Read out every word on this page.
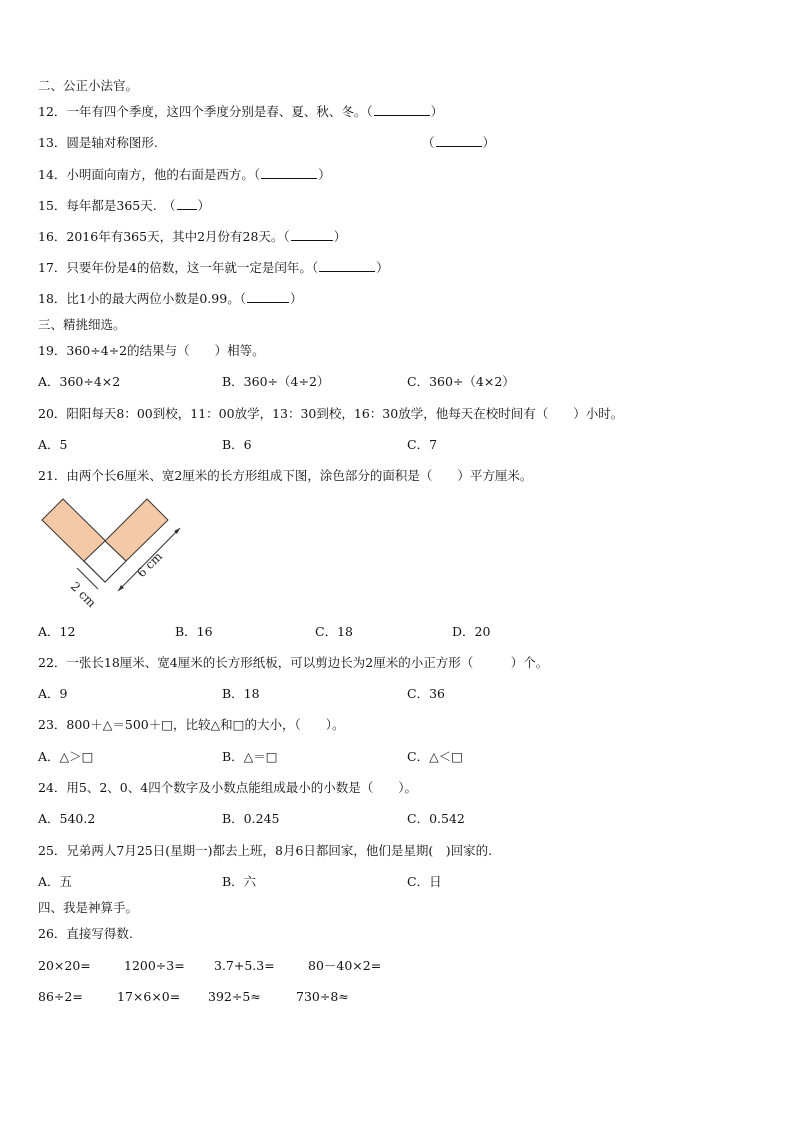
二、公正小法官。
12．一年有四个季度，这四个季度分别是春、夏、秋、冬。（	）
13．圆是轴对称图形.	（	）
14．小明面向南方，他的右面是西方。（	）
15．每年都是365天.　（ ）
16．2016年有365天，其中2月份有28天。（	）
17．只要年份是4的倍数，这一年就一定是闰年。（	）
18．比1小的最大两位小数是0.99。（	）
三、精挑细选。
19．360÷4÷2的结果与（　　）相等。
A．360÷4×2	B．360÷（4÷2）	C．360÷（4×2）
20．阳阳每天8：00到校，11：00放学，13：30到校，16：30放学，他每天在校时间有（　　）小时。
A．5	B．6	C．7
21．由两个长6厘米、宽2厘米的长方形组成下图，涂色部分的面积是（　　）平方厘米。
6 cm
2 cm
A．12	B．16	C．18	D．20
22．一张长18厘米、宽4厘米的长方形纸板，可以剪边长为2厘米的小正方形（　　　）个。
A．9	B．18	C．36
23．800＋△＝500＋□，比较△和□的大小，（　　）。
A．△＞□	B．△＝□	C．△＜□
24．用5、2、0、4四个数字及小数点能组成最小的小数是（　　）。
A．540.2	B．0.245	C．0.542
25．兄弟两人7月25日(星期一)都去上班，8月6日都回家，他们是星期(　)回家的.
A．五	B．六	C．日
四、我是神算手。
26．直接写得数.
20×20=	1200÷3= 3.7+5.3=	80－40×2=
86÷2=	17×6×0= 392÷5≈	730÷8≈
